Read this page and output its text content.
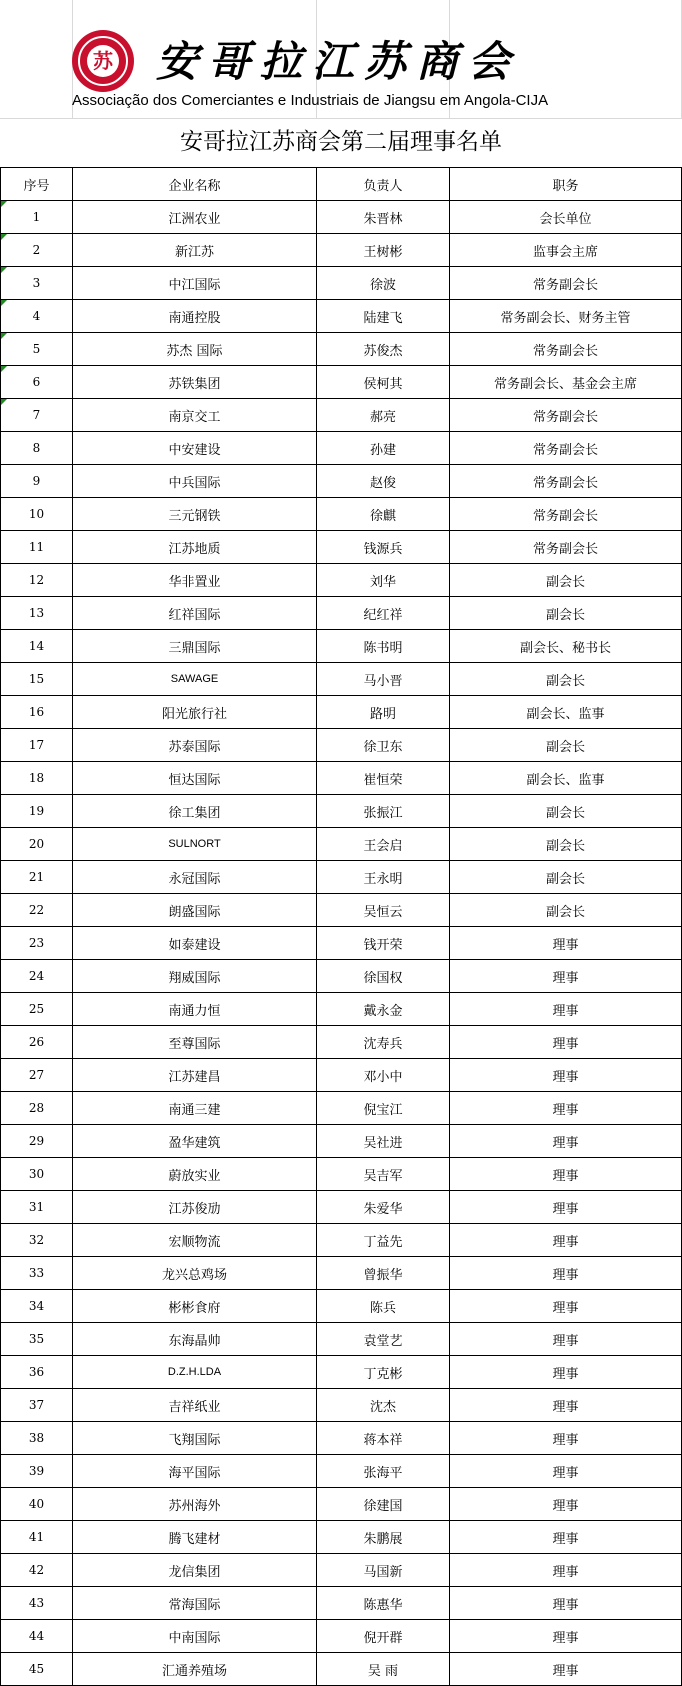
苏 安哥拉江苏商会
Associação dos Comerciantes e Industriais de Jiangsu em Angola-CIJA
安哥拉江苏商会第二届理事名单
序号	企业名称	负责人	职务
1	江洲农业	朱晋林	会长单位
2	新江苏	王树彬	监事会主席
3	中江国际	徐波	常务副会长
4	南通控股	陆建飞	常务副会长、财务主管
5	苏杰 国际	苏俊杰	常务副会长
6	苏铁集团	侯柯其	常务副会长、基金会主席
7	南京交工	郝亮	常务副会长
8	中安建设	孙建	常务副会长
9	中兵国际	赵俊	常务副会长
10	三元钢铁	徐麒	常务副会长
11	江苏地质	钱源兵	常务副会长
12	华非置业	刘华	副会长
13	红祥国际	纪红祥	副会长
14	三鼎国际	陈书明	副会长、秘书长
15	SAWAGE	马小晋	副会长
16	阳光旅行社	路明	副会长、监事
17	苏泰国际	徐卫东	副会长
18	恒达国际	崔恒荣	副会长、监事
19	徐工集团	张振江	副会长
20	SULNORT	王会启	副会长
21	永冠国际	王永明	副会长
22	朗盛国际	吴恒云	副会长
23	如泰建设	钱开荣	理事
24	翔威国际	徐国权	理事
25	南通力恒	戴永金	理事
26	至尊国际	沈寿兵	理事
27	江苏建昌	邓小中	理事
28	南通三建	倪宝江	理事
29	盈华建筑	吴社进	理事
30	蔚放实业	吴吉军	理事
31	江苏俊劢	朱爱华	理事
32	宏顺物流	丁益先	理事
33	龙兴总鸡场	曾振华	理事
34	彬彬食府	陈兵	理事
35	东海晶帅	袁堂艺	理事
36	D.Z.H.LDA	丁克彬	理事
37	吉祥纸业	沈杰	理事
38	飞翔国际	蒋本祥	理事
39	海平国际	张海平	理事
40	苏州海外	徐建国	理事
41	腾飞建材	朱鹏展	理事
42	龙信集团	马国新	理事
43	常海国际	陈惠华	理事
44	中南国际	倪开群	理事
45	汇通养殖场	吴 雨	理事
